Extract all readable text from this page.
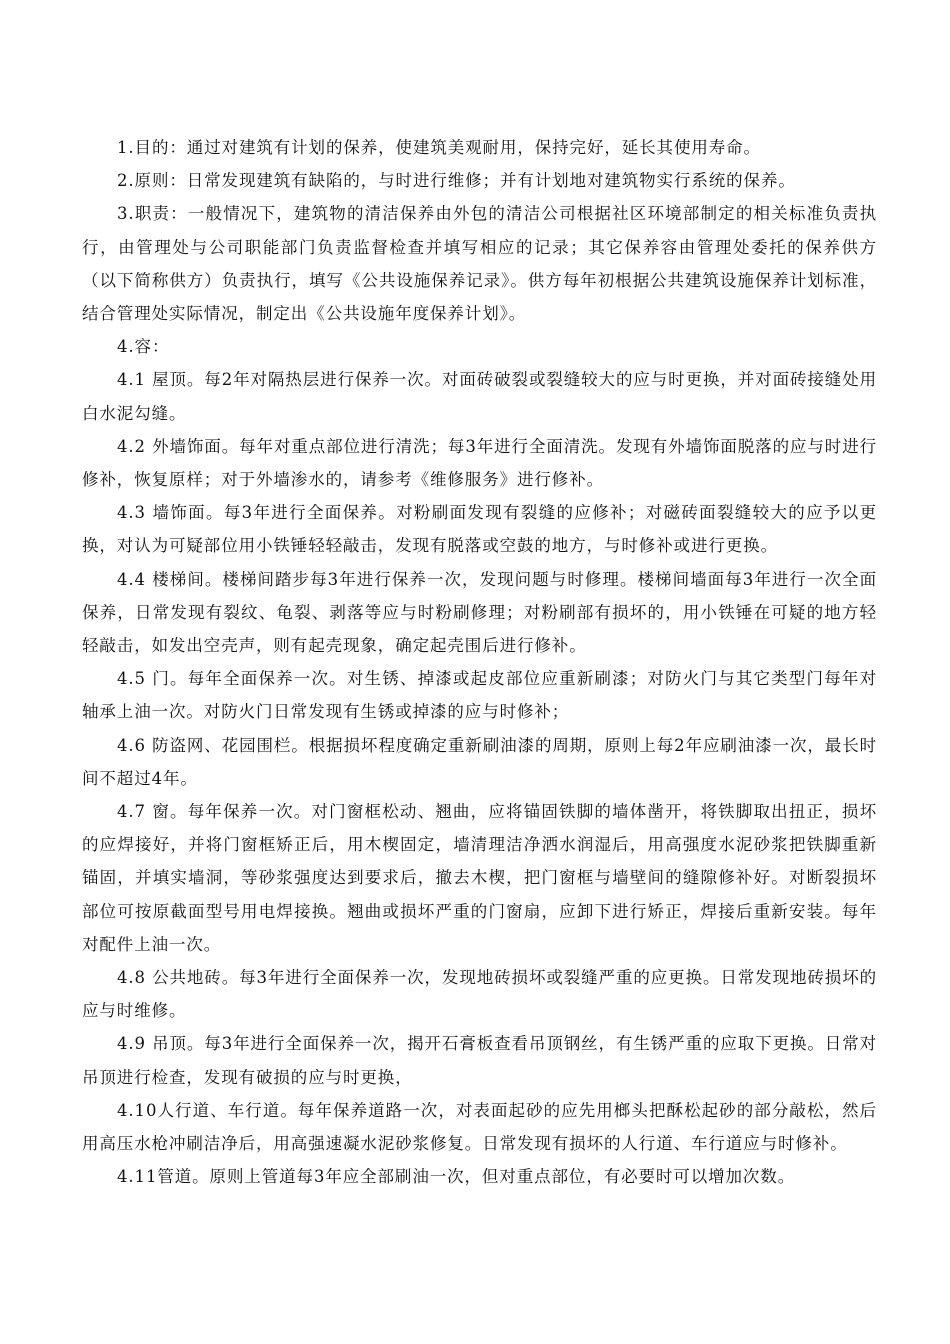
1.目的：通过对建筑有计划的保养，使建筑美观耐用，保持完好，延长其使用寿命。

2.原则：日常发现建筑有缺陷的，与时进行维修；并有计划地对建筑物实行系统的保养。

3.职责：一般情况下，建筑物的清洁保养由外包的清洁公司根据社区环境部制定的相关标准负责执行，由管理处与公司职能部门负责监督检查并填写相应的记录；其它保养容由管理处委托的保养供方（以下简称供方）负责执行，填写《公共设施保养记录》。供方每年初根据公共建筑设施保养计划标准，结合管理处实际情况，制定出《公共设施年度保养计划》。

4.容：

4.1 屋顶。每2年对隔热层进行保养一次。对面砖破裂或裂缝较大的应与时更换，并对面砖接缝处用白水泥勾缝。

4.2 外墙饰面。每年对重点部位进行清洗；每3年进行全面清洗。发现有外墙饰面脱落的应与时进行修补，恢复原样；对于外墙渗水的，请参考《维修服务》进行修补。

4.3 墙饰面。每3年进行全面保养。对粉刷面发现有裂缝的应修补；对磁砖面裂缝较大的应予以更换，对认为可疑部位用小铁锤轻轻敲击，发现有脱落或空鼓的地方，与时修补或进行更换。

4.4 楼梯间。楼梯间踏步每3年进行保养一次，发现问题与时修理。楼梯间墙面每3年进行一次全面保养，日常发现有裂纹、龟裂、剥落等应与时粉刷修理；对粉刷部有损坏的，用小铁锤在可疑的地方轻轻敲击，如发出空壳声，则有起壳现象，确定起壳围后进行修补。

4.5 门。每年全面保养一次。对生锈、掉漆或起皮部位应重新刷漆；对防火门与其它类型门每年对轴承上油一次。对防火门日常发现有生锈或掉漆的应与时修补；

4.6 防盗网、花园围栏。根据损坏程度确定重新刷油漆的周期，原则上每2年应刷油漆一次，最长时间不超过4年。

4.7 窗。每年保养一次。对门窗框松动、翘曲，应将锚固铁脚的墙体凿开，将铁脚取出扭正，损坏的应焊接好，并将门窗框矫正后，用木楔固定，墙清理洁净洒水润湿后，用高强度水泥砂浆把铁脚重新锚固，并填实墙洞，等砂浆强度达到要求后，撤去木楔，把门窗框与墙壁间的缝隙修补好。对断裂损坏部位可按原截面型号用电焊接换。翘曲或损坏严重的门窗扇，应卸下进行矫正，焊接后重新安装。每年对配件上油一次。

4.8 公共地砖。每3年进行全面保养一次，发现地砖损坏或裂缝严重的应更换。日常发现地砖损坏的应与时维修。

4.9 吊顶。每3年进行全面保养一次，揭开石膏板查看吊顶钢丝，有生锈严重的应取下更换。日常对吊顶进行检查，发现有破损的应与时更换，

4.10人行道、车行道。每年保养道路一次，对表面起砂的应先用榔头把酥松起砂的部分敲松，然后用高压水枪冲刷洁净后，用高强速凝水泥砂浆修复。日常发现有损坏的人行道、车行道应与时修补。

4.11管道。原则上管道每3年应全部刷油一次，但对重点部位，有必要时可以增加次数。
